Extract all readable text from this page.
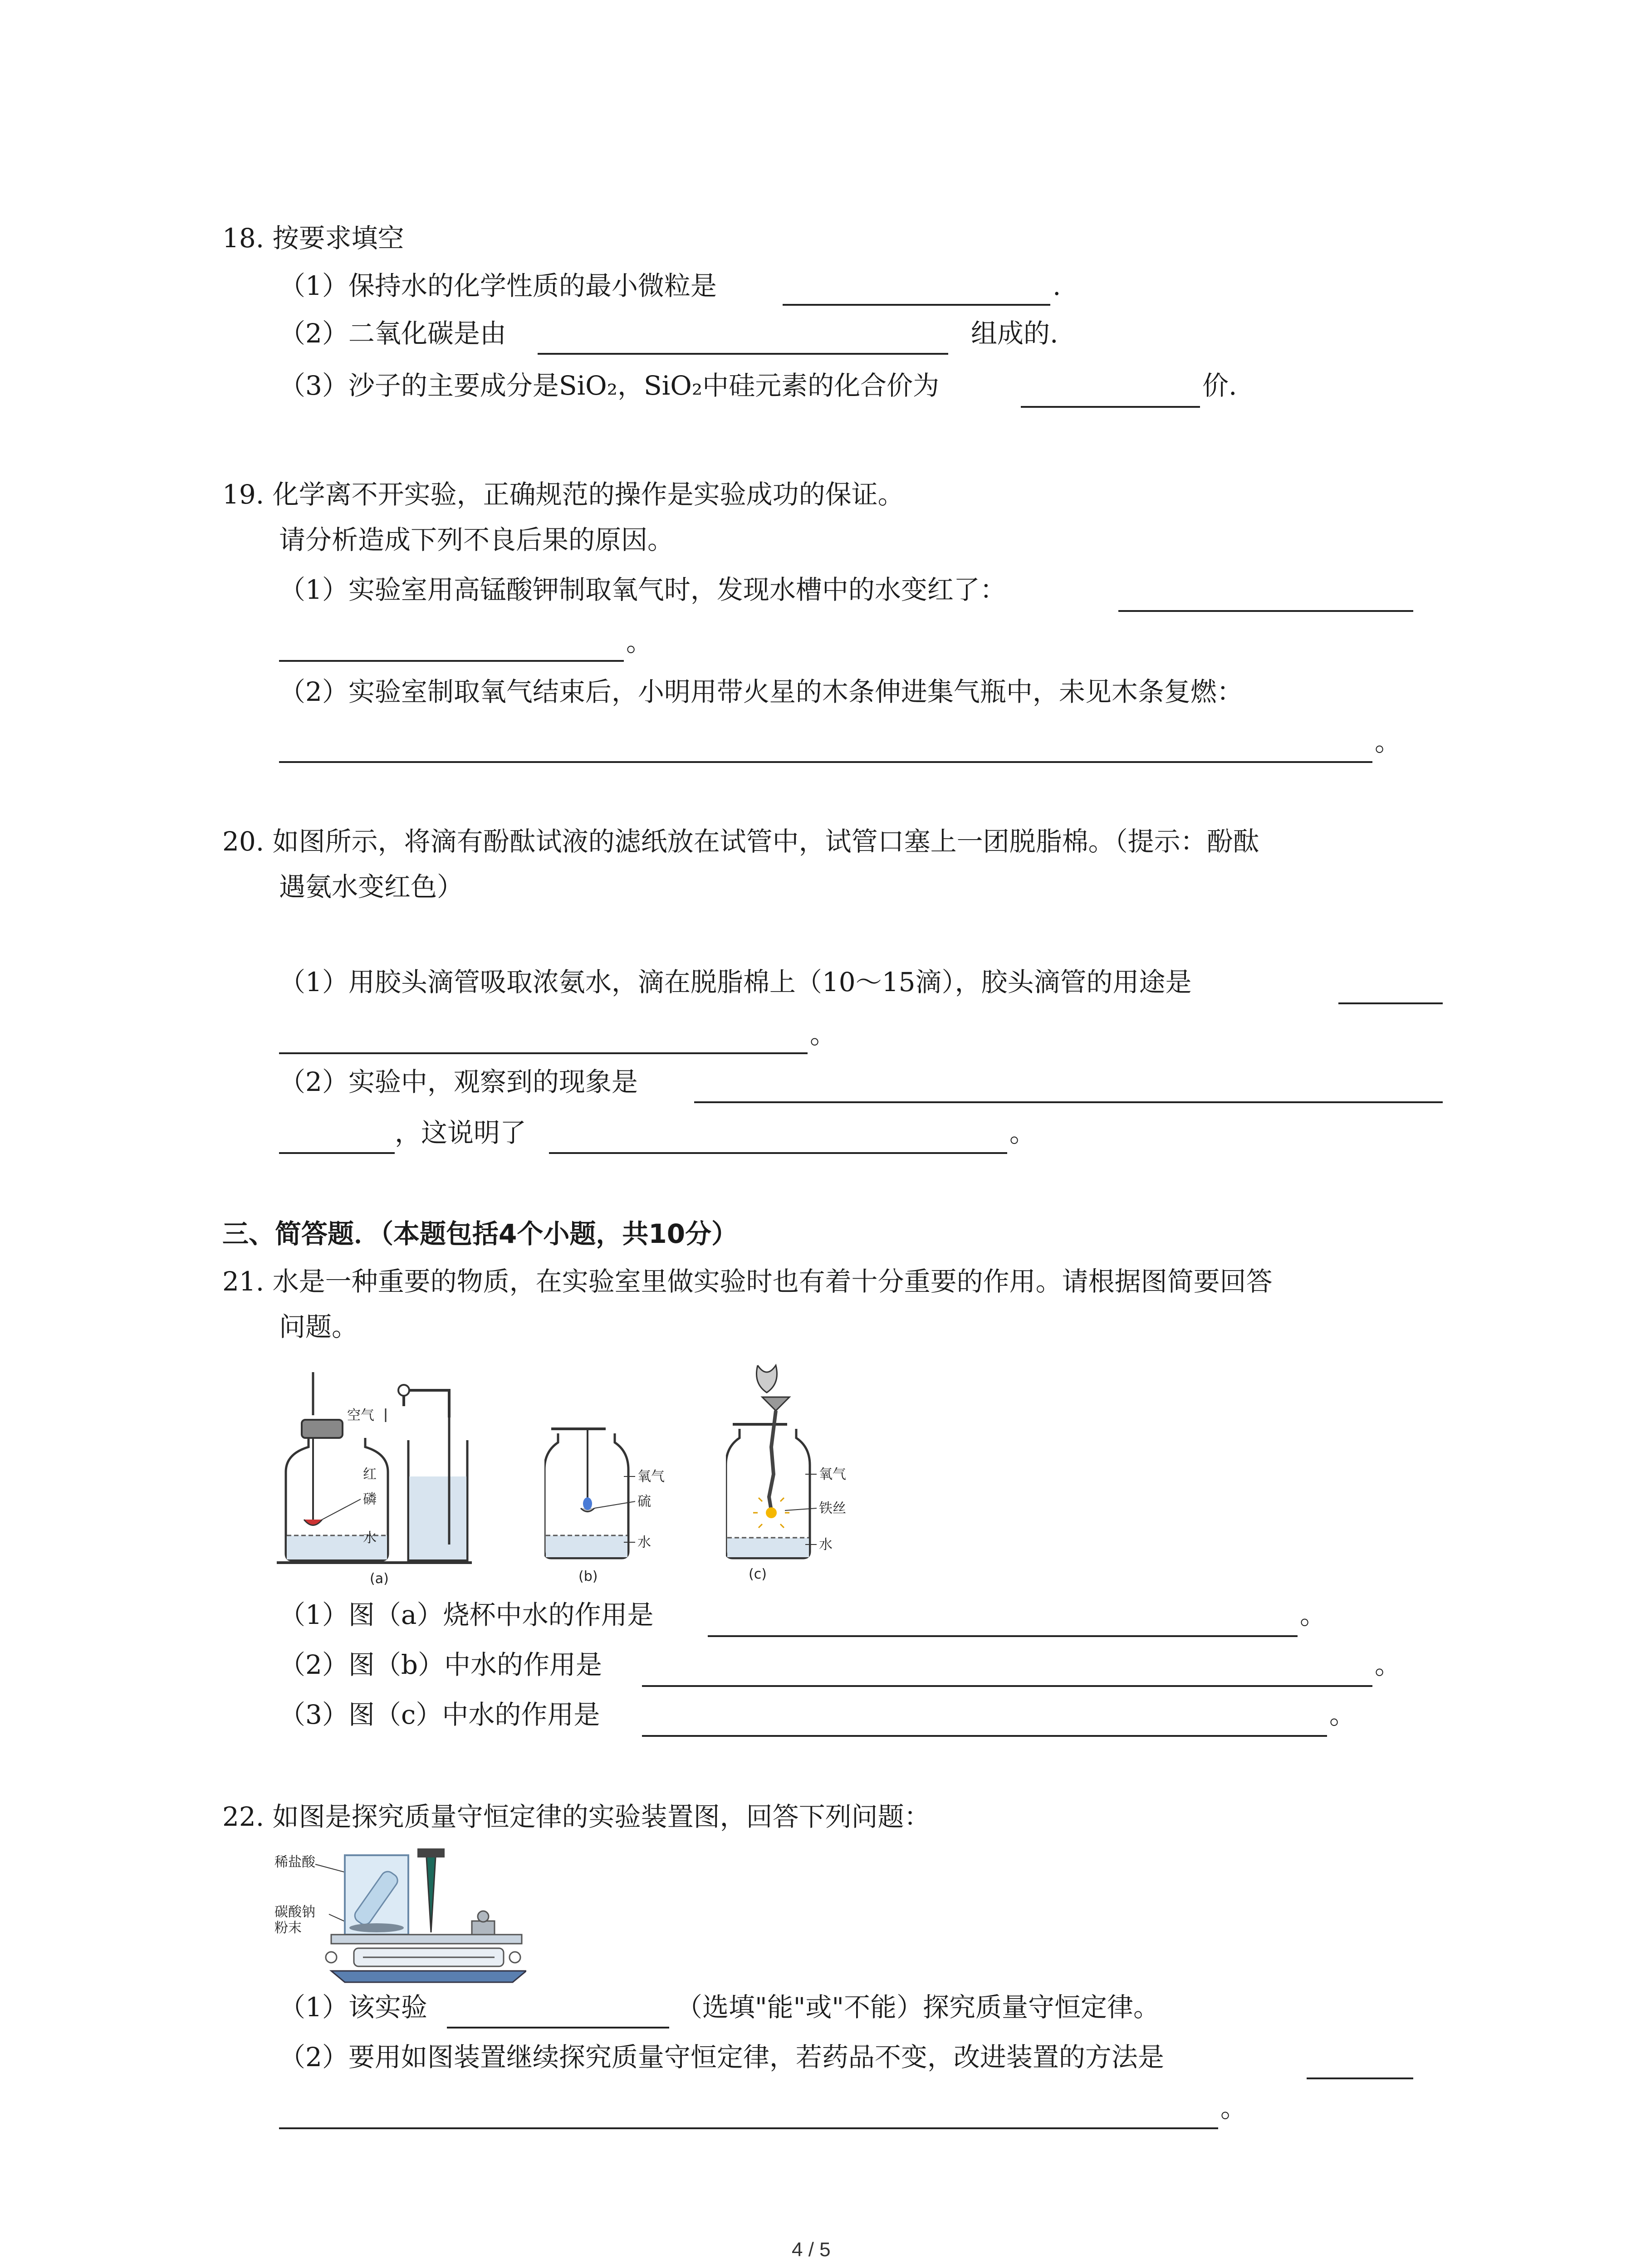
18. 按要求填空
（1）保持水的化学性质的最小微粒是	.
（2）二氧化碳是由	组成的.
（3）沙子的主要成分是SiO₂，SiO₂中硅元素的化合价为	价.
19. 化学离不开实验，正确规范的操作是实验成功的保证。
请分析造成下列不良后果的原因。
（1）实验室用高锰酸钾制取氧气时，发现水槽中的水变红了：
。
（2）实验室制取氧气结束后，小明用带火星的木条伸进集气瓶中，未见木条复燃：
。
20. 如图所示，将滴有酚酞试液的滤纸放在试管中，试管口塞上一团脱脂棉。（提示：酚酞
遇氨水变红色）
（1）用胶头滴管吸取浓氨水，滴在脱脂棉上（10～15滴），胶头滴管的用途是
。
（2）实验中，观察到的现象是
，这说明了	。
三、简答题．（本题包括4个小题，共10分）
21. 水是一种重要的物质，在实验室里做实验时也有着十分重要的作用。请根据图简要回答
问题。
空气
红
磷
水
(a)
氧气
硫
水
(b)
氧气
铁丝
水
(c)
（1）图（a）烧杯中水的作用是	。
（2）图（b）中水的作用是	。
（3）图（c）中水的作用是	。
22. 如图是探究质量守恒定律的实验装置图，回答下列问题：
稀盐酸
碳酸钠
粉末
（1）该实验	（选填"能"或"不能）探究质量守恒定律。
（2）要用如图装置继续探究质量守恒定律，若药品不变，改进装置的方法是
。
4 / 5
